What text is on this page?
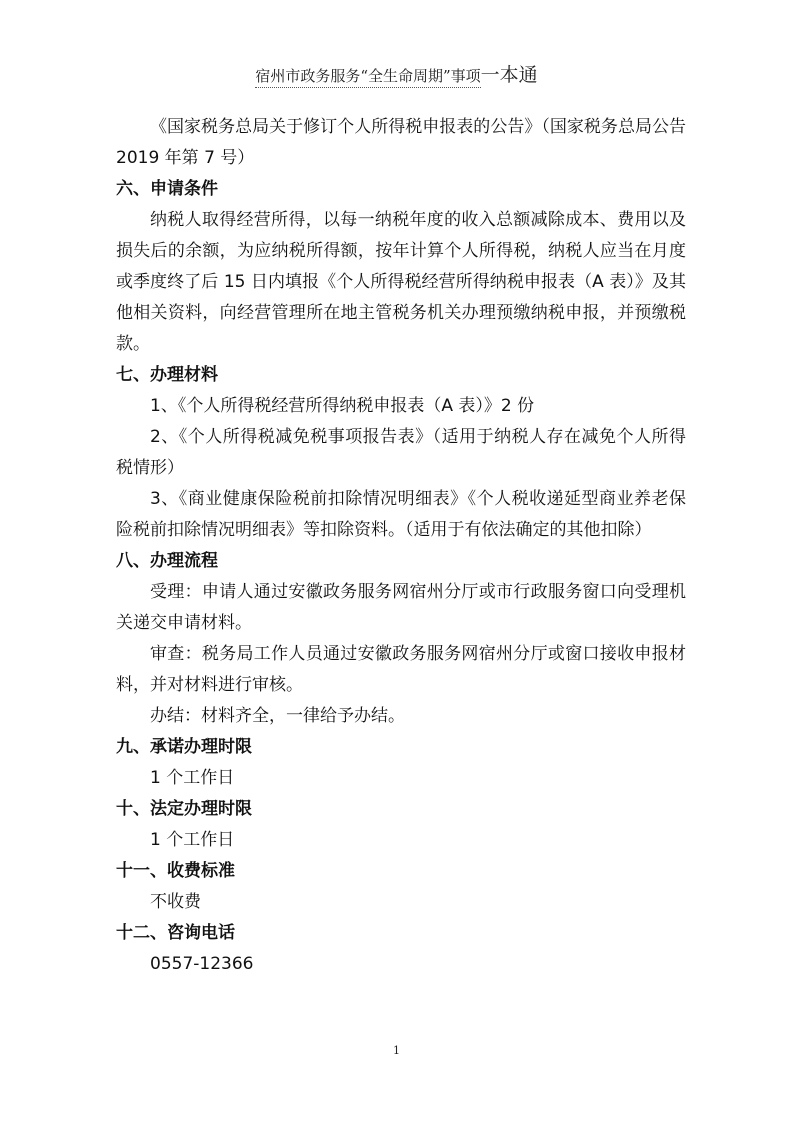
宿州市政务服务“全生命周期”事项一本通

《国家税务总局关于修订个人所得税申报表的公告》（国家税务总局公告 2019 年第 7 号）

六、申请条件

纳税人取得经营所得，以每一纳税年度的收入总额减除成本、费用以及损失后的余额，为应纳税所得额，按年计算个人所得税，纳税人应当在月度或季度终了后 15 日内填报《个人所得税经营所得纳税申报表（A 表）》及其他相关资料，向经营管理所在地主管税务机关办理预缴纳税申报，并预缴税款。

七、办理材料

1、《个人所得税经营所得纳税申报表（A 表）》2 份

2、《个人所得税减免税事项报告表》（适用于纳税人存在减免个人所得税情形）

3、《商业健康保险税前扣除情况明细表》《个人税收递延型商业养老保险税前扣除情况明细表》等扣除资料。（适用于有依法确定的其他扣除）

八、办理流程

受理：申请人通过安徽政务服务网宿州分厅或市行政服务窗口向受理机关递交申请材料。

审查：税务局工作人员通过安徽政务服务网宿州分厅或窗口接收申报材料，并对材料进行审核。

办结：材料齐全，一律给予办结。

九、承诺办理时限

1 个工作日

十、法定办理时限

1 个工作日

十一、收费标准

不收费

十二、咨询电话

0557-12366

1
